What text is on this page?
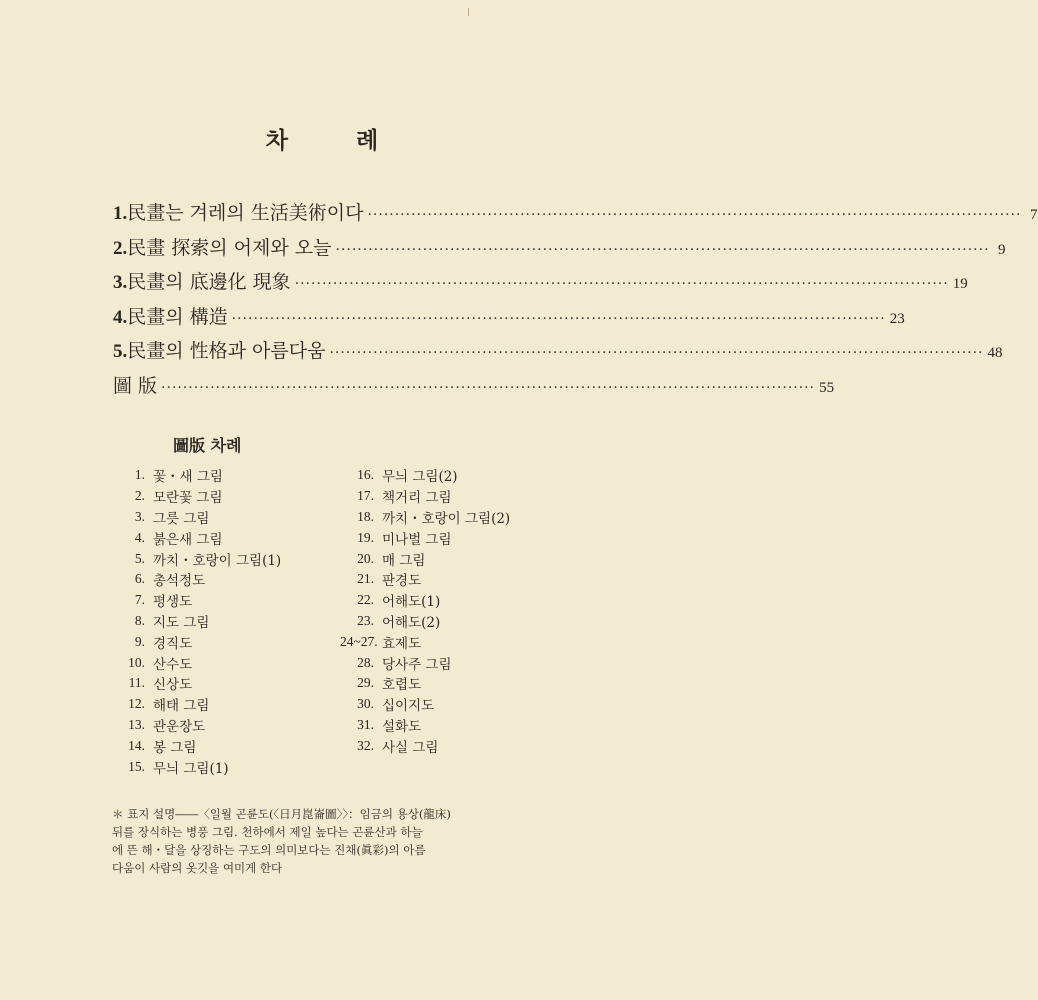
차 례
1. 民畫는 겨레의 生活美術이다 ························································································································ 7
2. 民畫 探索의 어제와 오늘 ························································································································ 9
3. 民畫의 底邊化 現象 ························································································································ 19
4. 民畫의 構造 ························································································································ 23
5. 民畫의 性格과 아름다움 ························································································································ 48
圖 版 ························································································································ 55
圖版 차례
1. 꽃・새 그림
2. 모란꽃 그림
3. 그릇 그림
4. 붉은새 그림
5. 까치・호랑이 그림(1)
6. 총석정도
7. 평생도
8. 지도 그림
9. 경직도
10. 산수도
11. 신상도
12. 해태 그림
13. 관운장도
14. 봉 그림
15. 무늬 그림(1)
16. 무늬 그림(2)
17. 책거리 그림
18. 까치・호랑이 그림(2)
19. 미나벌 그림
20. 매 그림
21. 판경도
22. 어해도(1)
23. 어해도(2)
24~27. 효제도
28. 당사주 그림
29. 호렵도
30. 십이지도
31. 설화도
32. 사실 그림
＊ 표지 설명――〈일월 곤륜도(〈日月崑崙圖〉〉：임금의 용상(龍床)
뒤를 장식하는 병풍 그림. 천하에서 제일 높다는 곤륜산과 하늘
에 뜬 해・달을 상징하는 구도의 의미보다는 진채(眞彩)의 아름
다움이 사람의 옷깃을 여미게 한다
